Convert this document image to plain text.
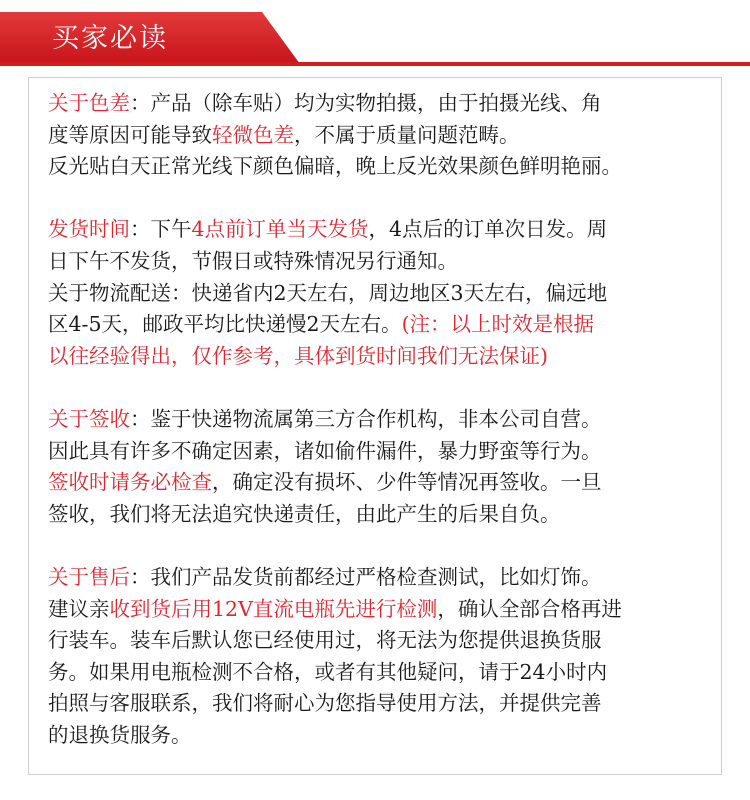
买家必读
关于色差：产品（除车贴）均为实物拍摄，由于拍摄光线、角
度等原因可能导致轻微色差，不属于质量问题范畴。
反光贴白天正常光线下颜色偏暗，晚上反光效果颜色鲜明艳丽。
发货时间：下午4点前订单当天发货，4点后的订单次日发。周
日下午不发货，节假日或特殊情况另行通知。
关于物流配送：快递省内2天左右，周边地区3天左右，偏远地
区4-5天，邮政平均比快递慢2天左右。(注：以上时效是根据
以往经验得出，仅作参考，具体到货时间我们无法保证)
关于签收：鉴于快递物流属第三方合作机构，非本公司自营。
因此具有许多不确定因素，诸如偷件漏件，暴力野蛮等行为。
签收时请务必检查，确定没有损坏、少件等情况再签收。一旦
签收，我们将无法追究快递责任，由此产生的后果自负。
关于售后：我们产品发货前都经过严格检查测试，比如灯饰。
建议亲收到货后用12V直流电瓶先进行检测，确认全部合格再进
行装车。装车后默认您已经使用过，将无法为您提供退换货服
务。如果用电瓶检测不合格，或者有其他疑问，请于24小时内
拍照与客服联系，我们将耐心为您指导使用方法，并提供完善
的退换货服务。
